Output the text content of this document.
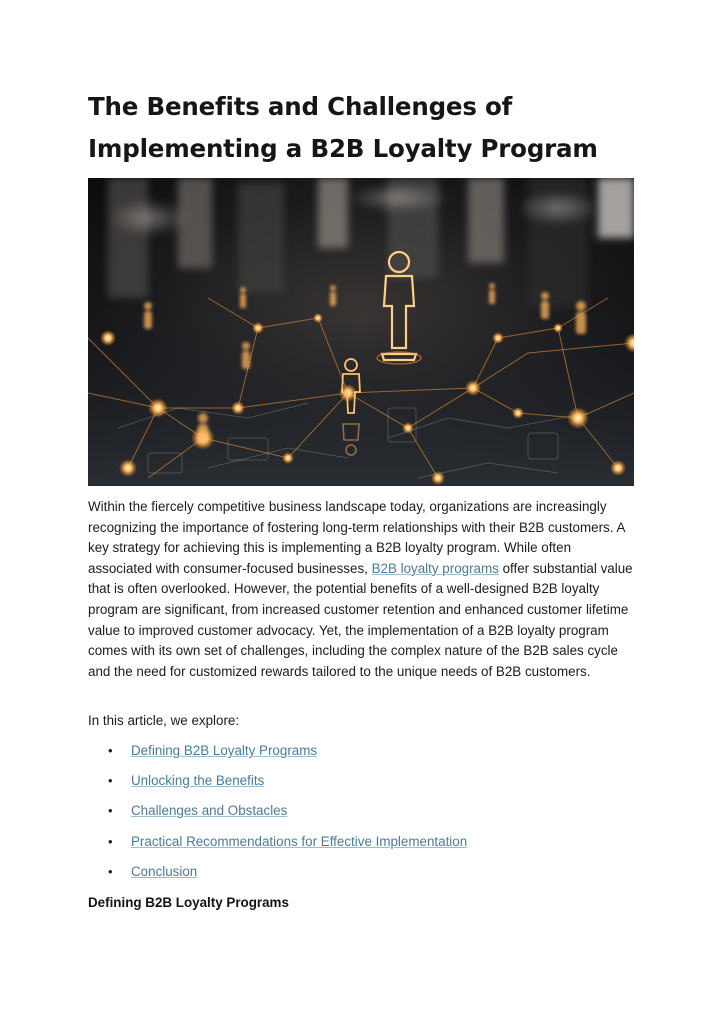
The Benefits and Challenges of
Implementing a B2B Loyalty Program

Within the fiercely competitive business landscape today, organizations are increasingly recognizing the importance of fostering long-term relationships with their B2B customers. A key strategy for achieving this is implementing a B2B loyalty program. While often associated with consumer-focused businesses, B2B loyalty programs offer substantial value that is often overlooked. However, the potential benefits of a well-designed B2B loyalty program are significant, from increased customer retention and enhanced customer lifetime value to improved customer advocacy. Yet, the implementation of a B2B loyalty program comes with its own set of challenges, including the complex nature of the B2B sales cycle and the need for customized rewards tailored to the unique needs of B2B customers.

In this article, we explore:

• Defining B2B Loyalty Programs
• Unlocking the Benefits
• Challenges and Obstacles
• Practical Recommendations for Effective Implementation
• Conclusion

Defining B2B Loyalty Programs
